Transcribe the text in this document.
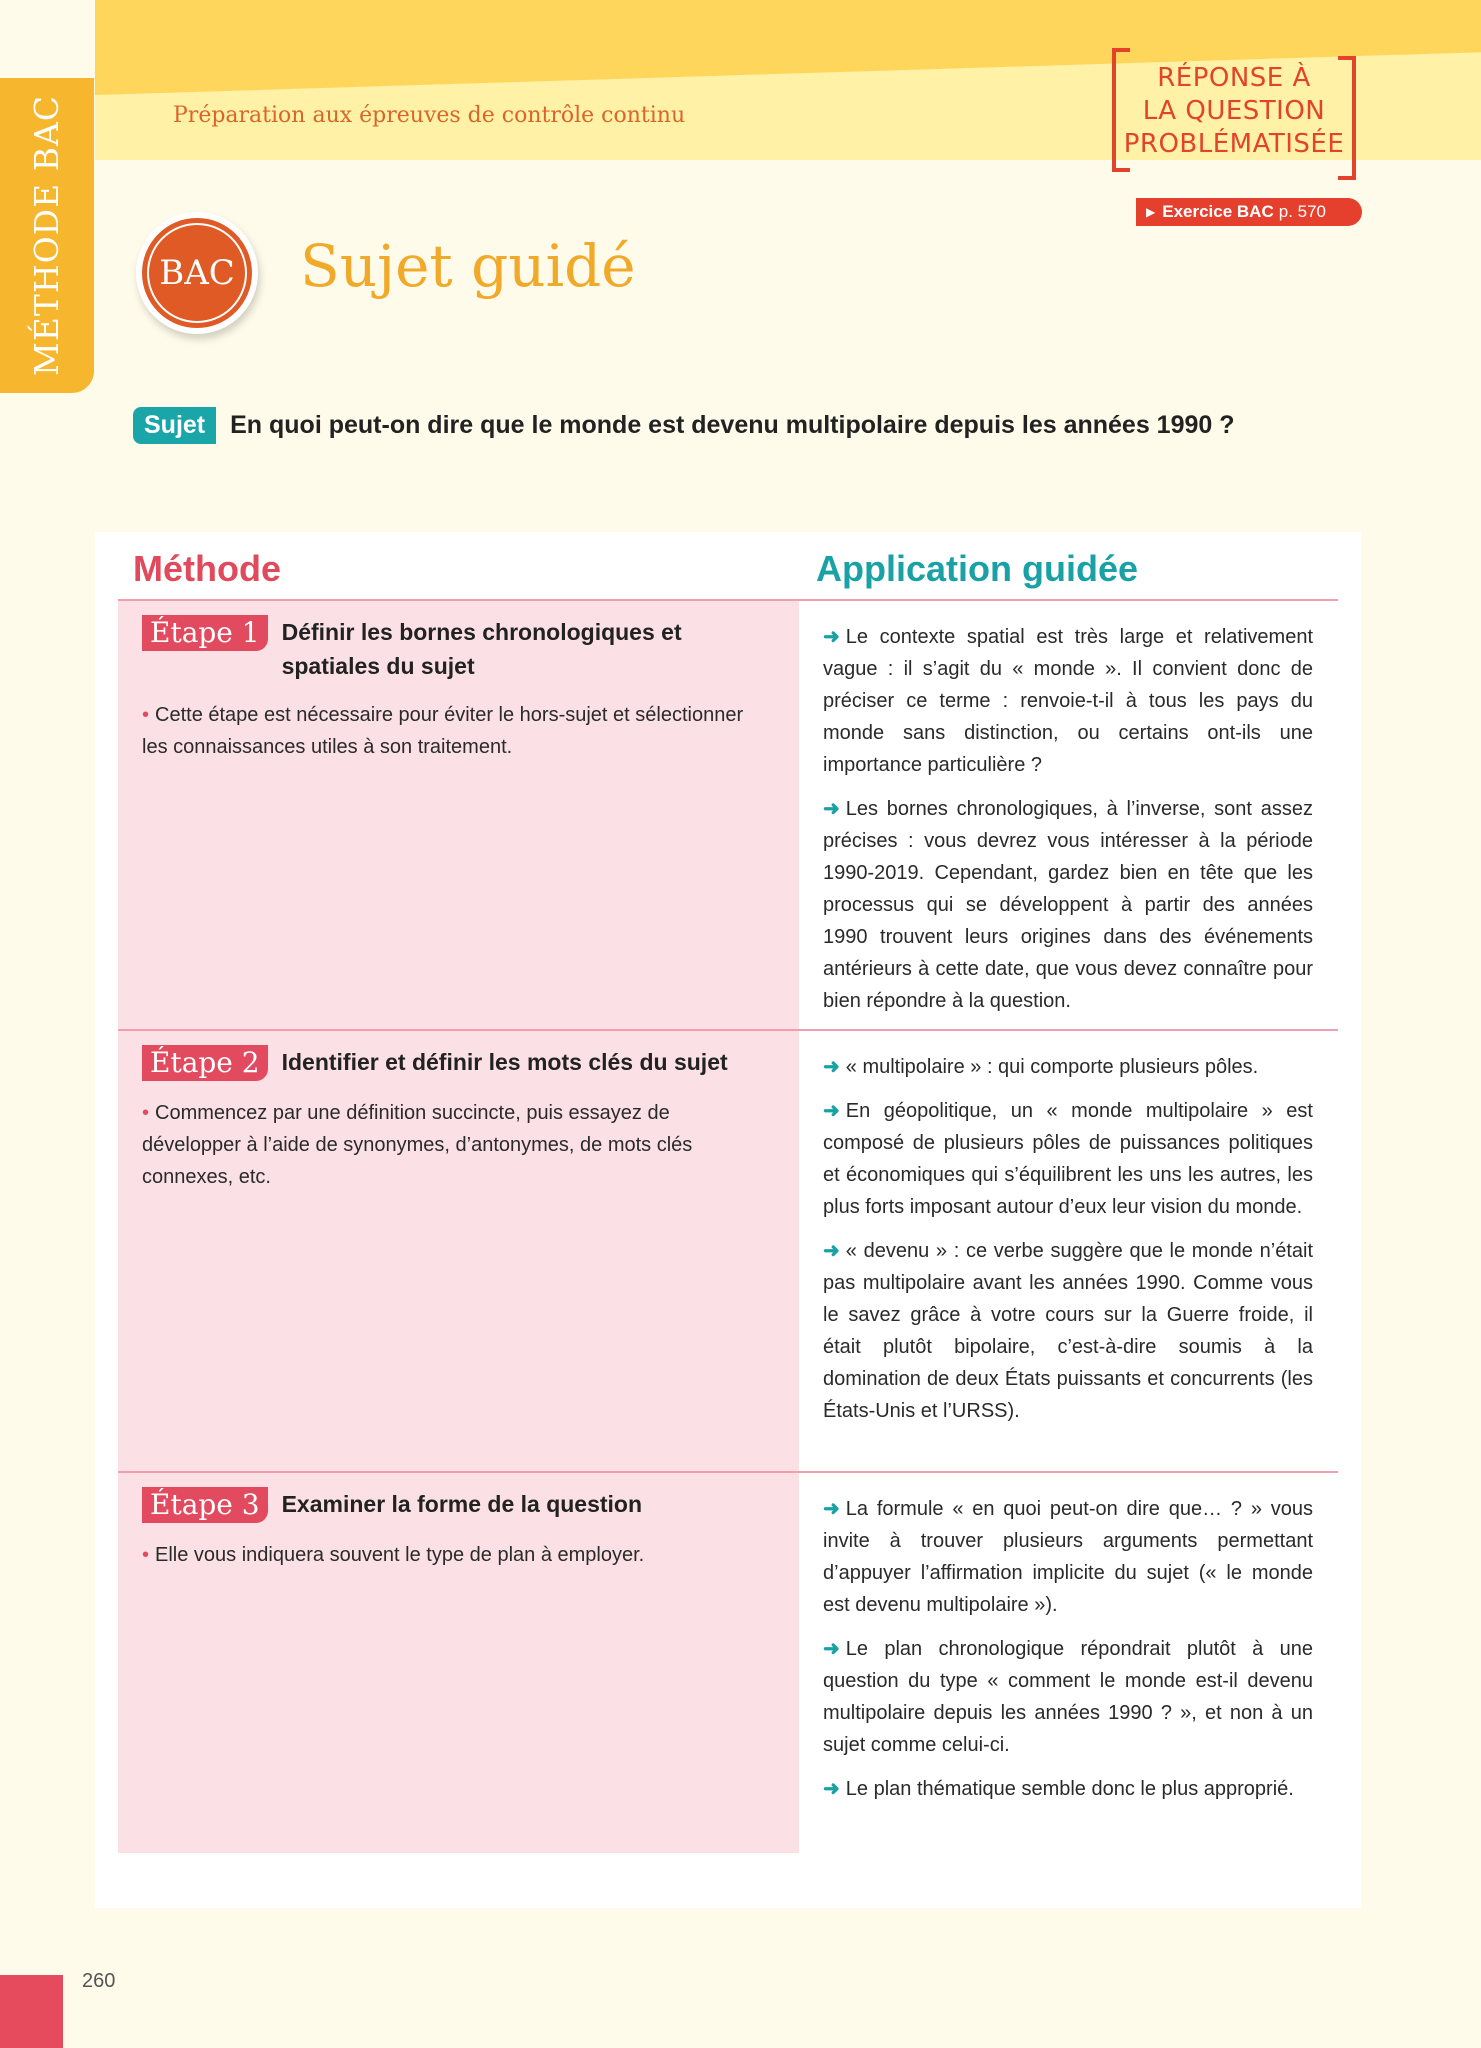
MÉTHODE BAC	Préparation aux épreuves de contrôle continu
RÉPONSE À
LA QUESTION
PROBLÉMATISÉE
▶ Exercice BAC p. 570
BAC Sujet guidé
Sujet	En quoi peut-on dire que le monde est devenu multipolaire depuis les années 1990 ?
Méthode	Application guidée
Étape 1 Définir les bornes chronologiques et spatiales du sujet
• Cette étape est nécessaire pour éviter le hors-sujet et sélectionner les connaissances utiles à son traitement.

➜ Le contexte spatial est très large et relativement vague : il s’agit du « monde ». Il convient donc de préciser ce terme : renvoie-t-il à tous les pays du monde sans distinction, ou certains ont-ils une importance particulière ?

➜ Les bornes chronologiques, à l’inverse, sont assez précises : vous devrez vous intéresser à la période 1990-2019. Cependant, gardez bien en tête que les processus qui se développent à partir des années 1990 trouvent leurs origines dans des événements antérieurs à cette date, que vous devez connaître pour bien répondre à la question.

Étape 2 Identifier et définir les mots clés du sujet
• Commencez par une définition succincte, puis essayez de développer à l’aide de synonymes, d’antonymes, de mots clés connexes, etc.

➜ « multipolaire » : qui comporte plusieurs pôles.

➜ En géopolitique, un « monde multipolaire » est composé de plusieurs pôles de puissances politiques et économiques qui s’équilibrent les uns les autres, les plus forts imposant autour d’eux leur vision du monde.

➜ « devenu » : ce verbe suggère que le monde n’était pas multipolaire avant les années 1990. Comme vous le savez grâce à votre cours sur la Guerre froide, il était plutôt bipolaire, c’est-à-dire soumis à la domination de deux États puissants et concurrents (les États-Unis et l’URSS).

Étape 3 Examiner la forme de la question
• Elle vous indiquera souvent le type de plan à employer.

➜ La formule « en quoi peut-on dire que… ? » vous invite à trouver plusieurs arguments permettant d’appuyer l’affirmation implicite du sujet (« le monde est devenu multipolaire »).

➜ Le plan chronologique répondrait plutôt à une question du type « comment le monde est-il devenu multipolaire depuis les années 1990 ? », et non à un sujet comme celui-ci.

➜ Le plan thématique semble donc le plus approprié.

260
